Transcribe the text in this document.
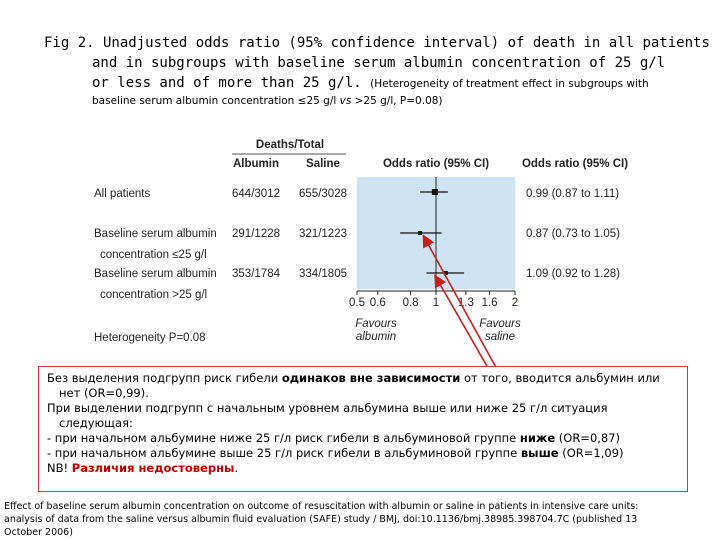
Fig 2. Unadjusted odds ratio (95% confidence interval) of death in all patients
and in subgroups with baseline serum albumin concentration of 25 g/l
or less and of more than 25 g/l. (Heterogeneity of treatment effect in subgroups with
baseline serum albumin concentration ≤25 g/l vs >25 g/l, P=0.08)
Deaths/Total
Albumin Saline	Odds ratio (95% CI)	Odds ratio (95% CI)
All patients	644/3012 655/3028	0.99 (0.87 to 1.11)
Baseline serum albumin
concentration ≤25 g/l
291/1228 321/1223	0.87 (0.73 to 1.05)
Baseline serum albumin
concentration >25 g/l
353/1784 334/1805	1.09 (0.92 to 1.28)
Favours
albumin
Favours
saline
Heterogeneity P=0.08
0.5 0.6 0.8 1 1.3 1.6 2

Без выделения подгрупп риск гибели одинаков вне зависимости от того, вводится альбумин или

нет (OR=0,99).

При выделении подгрупп с начальным уровнем альбумина выше или ниже 25 г/л ситуация

следующая:

- при начальном альбумине ниже 25 г/л риск гибели в альбуминовой группе ниже (OR=0,87)

- при начальном альбумине выше 25 г/л риск гибели в альбуминовой группе выше (OR=1,09)

NB! Различия недостоверны.

Effect of baseline serum albumin concentration on outcome of resuscitation with albumin or saline in patients in intensive care units:
analysis of data from the saline versus albumin fluid evaluation (SAFE) study / BMJ, doi:10.1136/bmj.38985.398704.7C (published 13
October 2006)
